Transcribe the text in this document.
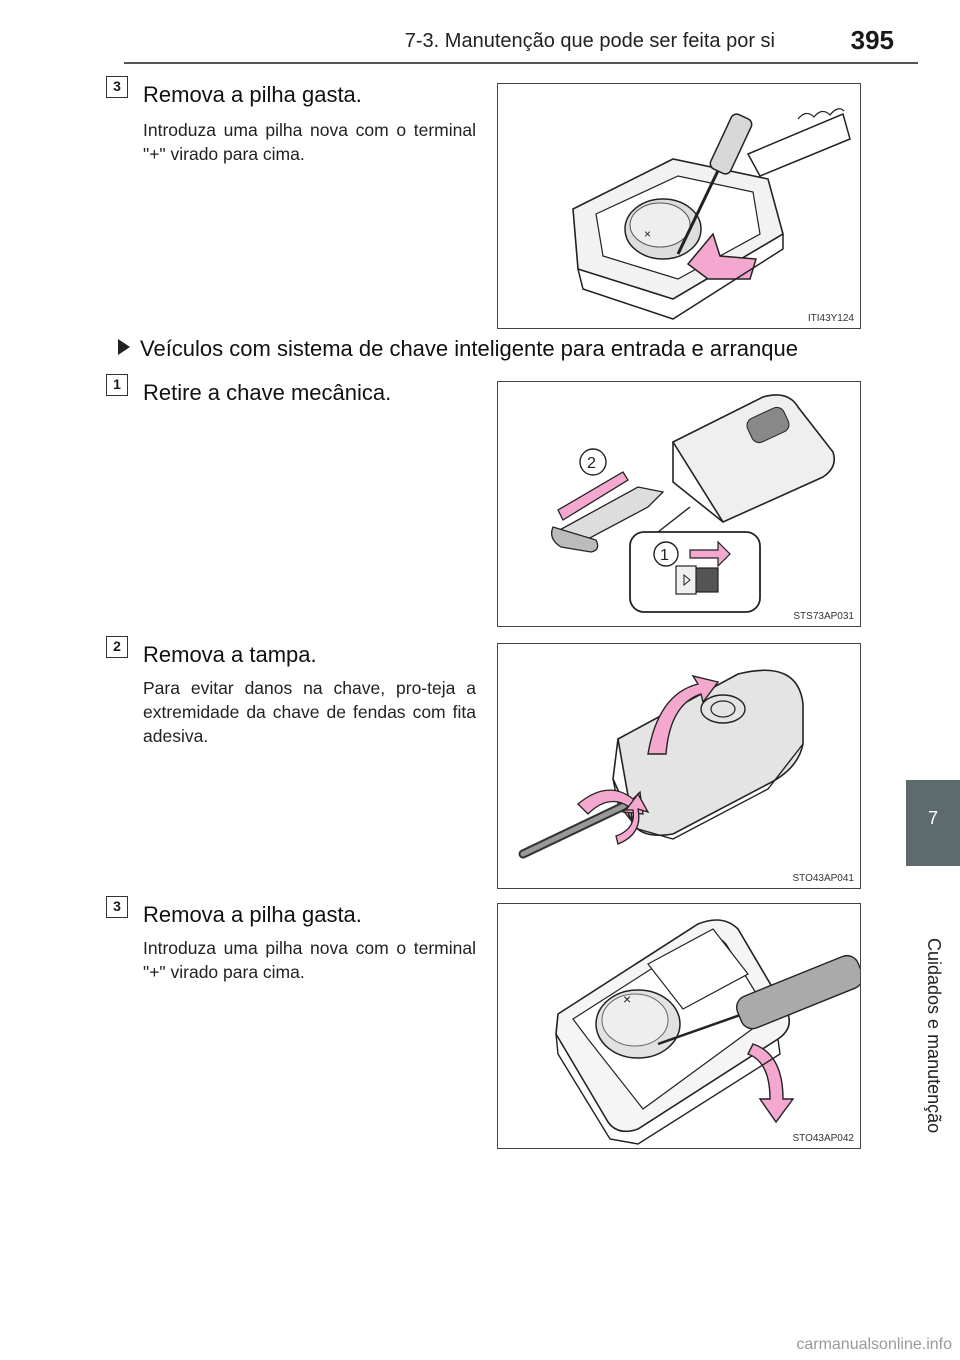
7-3. Manutenção que pode ser feita por si	395
7
Cuidados e manutenção
3	Remova a pilha gasta.
Introduza uma pilha nova com o terminal "+" virado para cima.
×
ITI43Y124
Veículos com sistema de chave inteligente para entrada e arranque
1	Retire a chave mecânica.
2
1
STS73AP031
2	Remova a tampa.
Para evitar danos na chave, pro-teja a extremidade da chave de fendas com fita adesiva.
STO43AP041
3	Remova a pilha gasta.
Introduza uma pilha nova com o terminal "+" virado para cima.
×
STO43AP042
carmanualsonline.info
